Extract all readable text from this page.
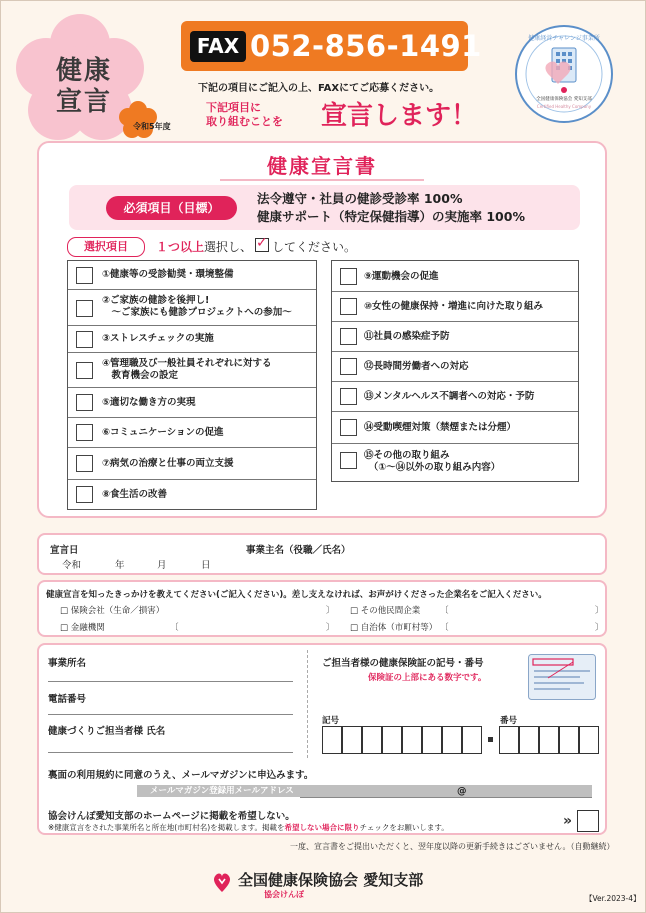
健康
宣言
令和5年度
FAX 052-856-1491
下記の項目にご記入の上、FAXにてご応募ください。
下記項目に
取り組むことを	宣言します！
全国健康保険協会 愛知支部
Certified Healthy Company
健康経営チャレンジ事業所
健康宣言書
必須項目（目標）
法令遵守・社員の健診受診率 100%
健康サポート（特定保健指導）の実施率 100%
選択項目	１つ以上選択し、✓ してください。
①健康等の受診勧奨・環境整備
②ご家族の健診を後押し!
　～ご家族にも健診プロジェクトへの参加～
③ストレスチェックの実施
④管理職及び一般社員それぞれに対する
　教育機会の設定
⑤適切な働き方の実現
⑥コミュニケーションの促進
⑦病気の治療と仕事の両立支援
⑧食生活の改善
⑨運動機会の促進
⑩女性の健康保持・増進に向けた取り組み
⑪社員の感染症予防
⑫長時間労働者への対応
⑬メンタルヘルス不調者への対応・予防
⑭受動喫煙対策（禁煙または分煙）
⑮その他の取り組み
　（①～⑭以外の取り組み内容）
宣言日
令和	年	月	日
事業主名（役職／氏名）
健康宣言を知ったきっかけを教えてください(ご記入ください)。差し支えなければ、お声がけくださった企業名をご記入ください。
□ 保険会社（生命／損害）
□ 金融機関
□ その他民間企業
□ 自治体（市町村等）
〔
〕
〕
〔	〕
〔	〕
事業所名
電話番号
健康づくりご担当者様 氏名
ご担当者様の健康保険証の記号・番号
保険証の上部にある数字です。
記号	番号
裏面の利用規約に同意のうえ、メールマガジンに申込みます。
メールマガジン登録用メールアドレス	@
協会けんぽ愛知支部のホームページに掲載を希望しない。
※健康宣言をされた事業所名と所在地(市町村名)を掲載します。掲載を希望しない場合に限りチェックをお願いします。	»
一度、宣言書をご提出いただくと、翌年度以降の更新手続きはございません。（自動継続）
全国健康保険協会 愛知支部
協会けんぽ	【Ver.2023-4】
